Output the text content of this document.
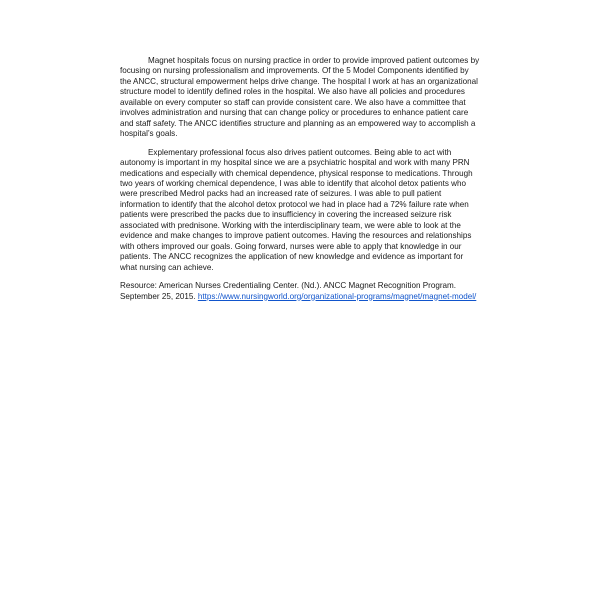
Magnet hospitals focus on nursing practice in order to provide improved patient outcomes by focusing on nursing professionalism and improvements. Of the 5 Model Components identified by the ANCC, structural empowerment helps drive change. The hospital I work at has an organizational structure model to identify defined roles in the hospital. We also have all policies and procedures available on every computer so staff can provide consistent care. We also have a committee that involves administration and nursing that can change policy or procedures to enhance patient care and staff safety. The ANCC identifies structure and planning as an empowered way to accomplish a hospital’s goals.

Explementary professional focus also drives patient outcomes. Being able to act with autonomy is important in my hospital since we are a psychiatric hospital and work with many PRN medications and especially with chemical dependence, physical response to medications. Through two years of working chemical dependence, I was able to identify that alcohol detox patients who were prescribed Medrol packs had an increased rate of seizures. I was able to pull patient information to identify that the alcohol detox protocol we had in place had a 72% failure rate when patients were prescribed the packs due to insufficiency in covering the increased seizure risk associated with prednisone. Working with the interdisciplinary team, we were able to look at the evidence and make changes to improve patient outcomes. Having the resources and relationships with others improved our goals. Going forward, nurses were able to apply that knowledge in our patients. The ANCC recognizes the application of new knowledge and evidence as important for what nursing can achieve.

Resource: American Nurses Credentialing Center. (Nd.). ANCC Magnet Recognition Program. September 25, 2015. https://www.nursingworld.org/organizational-programs/magnet/magnet-model/
